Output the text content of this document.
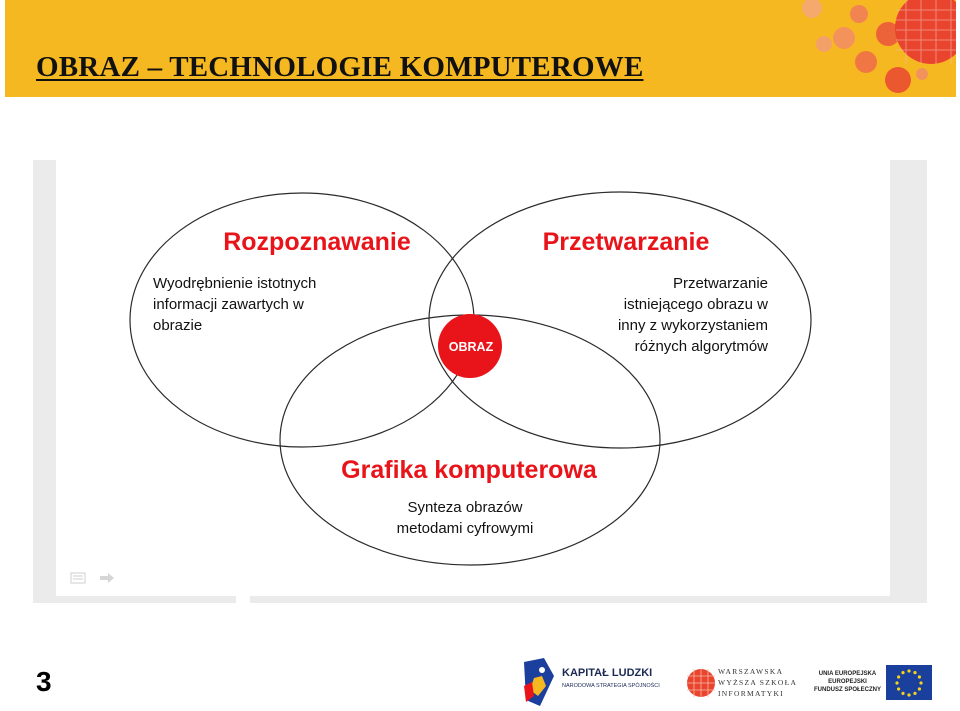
OBRAZ – TECHNOLOGIE KOMPUTEROWE
OBRAZ
Rozpoznawanie
Wyodrębnienie istotnych
informacji zawartych w
obrazie
Przetwarzanie
Przetwarzanie
istniejącego obrazu w
inny z wykorzystaniem
różnych algorytmów
Grafika komputerowa
Synteza obrazów
metodami cyfrowymi
3	KAPITAŁ LUDZKI
NARODOWA STRATEGIA SPÓJNOŚCI
WARSZAWSKA
WYŻSZA SZKOŁA
INFORMATYKI
UNIA EUROPEJSKA
EUROPEJSKI
FUNDUSZ SPOŁECZNY
